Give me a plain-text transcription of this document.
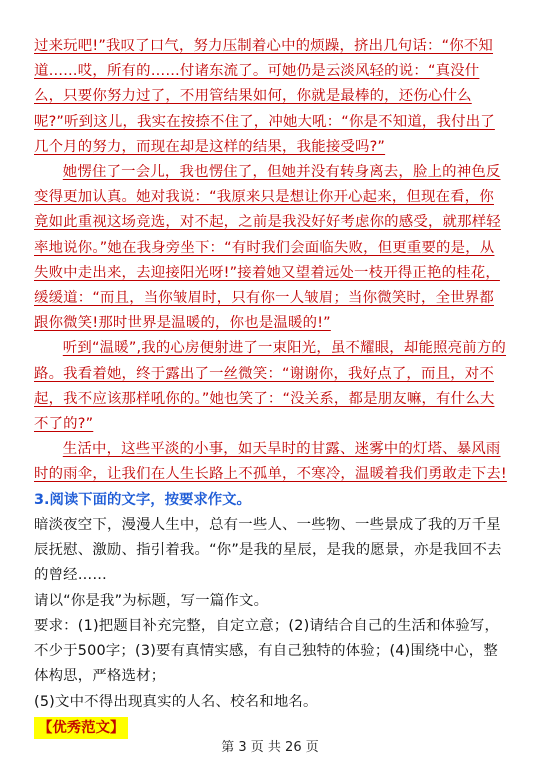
过来玩吧!”我叹了口气，努力压制着心中的烦躁，挤出几句话：“你不知道……哎，所有的……付诸东流了。可她仍是云淡风轻的说：“真没什么，只要你努力过了，不用管结果如何，你就是最棒的，还伤心什么呢?”听到这儿，我实在按捺不住了，冲她大吼：“你是不知道，我付出了几个月的努力，而现在却是这样的结果，我能接受吗?”

她愣住了一会儿，我也愣住了，但她并没有转身离去，脸上的神色反变得更加认真。她对我说：“我原来只是想让你开心起来，但现在看，你竟如此重视这场竞选，对不起，之前是我没好好考虑你的感受，就那样轻率地说你。”她在我身旁坐下：“有时我们会面临失败，但更重要的是，从失败中走出来，去迎接阳光呀!”接着她又望着远处一枝开得正艳的桂花，缓缓道：“而且，当你皱眉时，只有你一人皱眉；当你微笑时，全世界都跟你微笑!那时世界是温暖的，你也是温暖的!”

听到“温暖”,我的心房便射进了一束阳光，虽不耀眼，却能照亮前方的路。我看着她，终于露出了一丝微笑：“谢谢你，我好点了，而且，对不起，我不应该那样吼你的。”她也笑了：“没关系，都是朋友嘛，有什么大不了的?”

生活中，这些平淡的小事，如天旱时的甘露、迷雾中的灯塔、暴风雨时的雨伞，让我们在人生长路上不孤单，不寒冷，温暖着我们勇敢走下去!

3.阅读下面的文字，按要求作文。

暗淡夜空下，漫漫人生中，总有一些人、一些物、一些景成了我的万千星辰抚慰、激励、指引着我。“你”是我的星辰，是我的愿景，亦是我回不去的曾经……

请以“你是我”为标题，写一篇作文。

要求：(1)把题目补充完整，自定立意；(2)请结合自己的生活和体验写，不少于500字；(3)要有真情实感，有自己独特的体验；(4)围绕中心，整体构思，严格选材；

(5)文中不得出现真实的人名、校名和地名。

【优秀范文】
第 3 页 共 26 页
